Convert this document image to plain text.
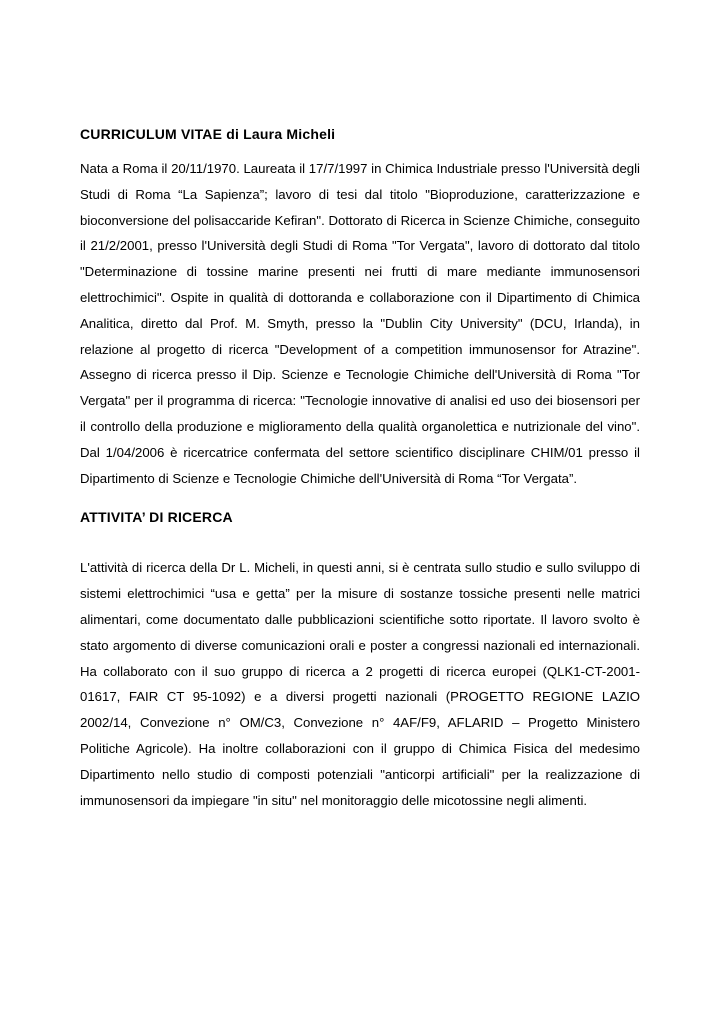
CURRICULUM VITAE di Laura Micheli

Nata a Roma il 20/11/1970. Laureata il 17/7/1997 in Chimica Industriale presso l'Università degli Studi di Roma “La Sapienza”; lavoro di tesi dal titolo "Bioproduzione, caratterizzazione e bioconversione del polisaccaride Kefiran". Dottorato di Ricerca in Scienze Chimiche, conseguito il 21/2/2001, presso l'Università degli Studi di Roma "Tor Vergata", lavoro di dottorato dal titolo "Determinazione di tossine marine presenti nei frutti di mare mediante immunosensori elettrochimici". Ospite in qualità di dottoranda e collaborazione con il Dipartimento di Chimica Analitica, diretto dal Prof. M. Smyth, presso la "Dublin City University" (DCU, Irlanda), in relazione al progetto di ricerca "Development of a competition immunosensor for Atrazine". Assegno di ricerca presso il Dip. Scienze e Tecnologie Chimiche dell'Università di Roma "Tor Vergata" per il programma di ricerca: "Tecnologie innovative di analisi ed uso dei biosensori per il controllo della produzione e miglioramento della qualità organolettica e nutrizionale del vino". Dal 1/04/2006 è ricercatrice confermata del settore scientifico disciplinare CHIM/01 presso il Dipartimento di Scienze e Tecnologie Chimiche dell'Università di Roma “Tor Vergata”.

ATTIVITA’ DI RICERCA

L'attività di ricerca della Dr L. Micheli, in questi anni, si è centrata sullo studio e sullo sviluppo di sistemi elettrochimici “usa e getta” per la misure di sostanze tossiche presenti nelle matrici alimentari, come documentato dalle pubblicazioni scientifiche sotto riportate. Il lavoro svolto è stato argomento di diverse comunicazioni orali e poster a congressi nazionali ed internazionali. Ha collaborato con il suo gruppo di ricerca a 2 progetti di ricerca europei (QLK1-CT-2001-01617, FAIR CT 95-1092) e a diversi progetti nazionali (PROGETTO REGIONE LAZIO 2002/14, Convezione n° OM/C3, Convezione n° 4AF/F9, AFLARID – Progetto Ministero Politiche Agricole). Ha inoltre collaborazioni con il gruppo di Chimica Fisica del medesimo Dipartimento nello studio di composti potenziali "anticorpi artificiali" per la realizzazione di immunosensori da impiegare "in situ" nel monitoraggio delle micotossine negli alimenti.
